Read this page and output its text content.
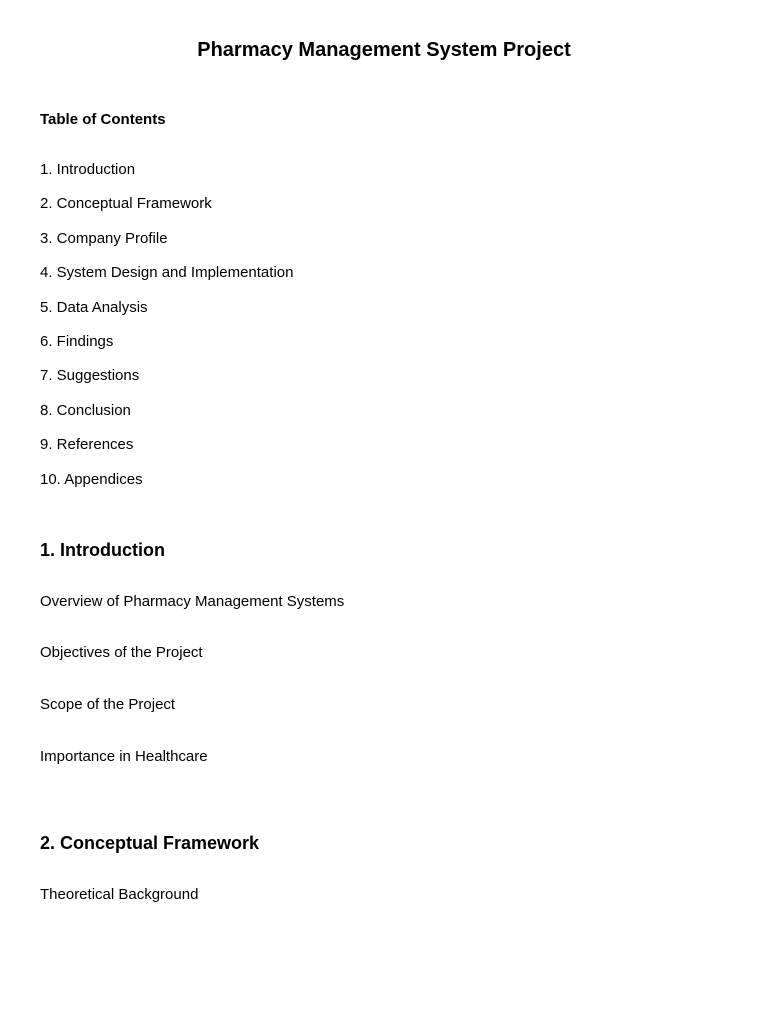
Pharmacy Management System Project
Table of Contents
1. Introduction
2. Conceptual Framework
3. Company Profile
4. System Design and Implementation
5. Data Analysis
6. Findings
7. Suggestions
8. Conclusion
9. References
10. Appendices
1. Introduction

Overview of Pharmacy Management Systems

Objectives of the Project

Scope of the Project

Importance in Healthcare

2. Conceptual Framework

Theoretical Background
